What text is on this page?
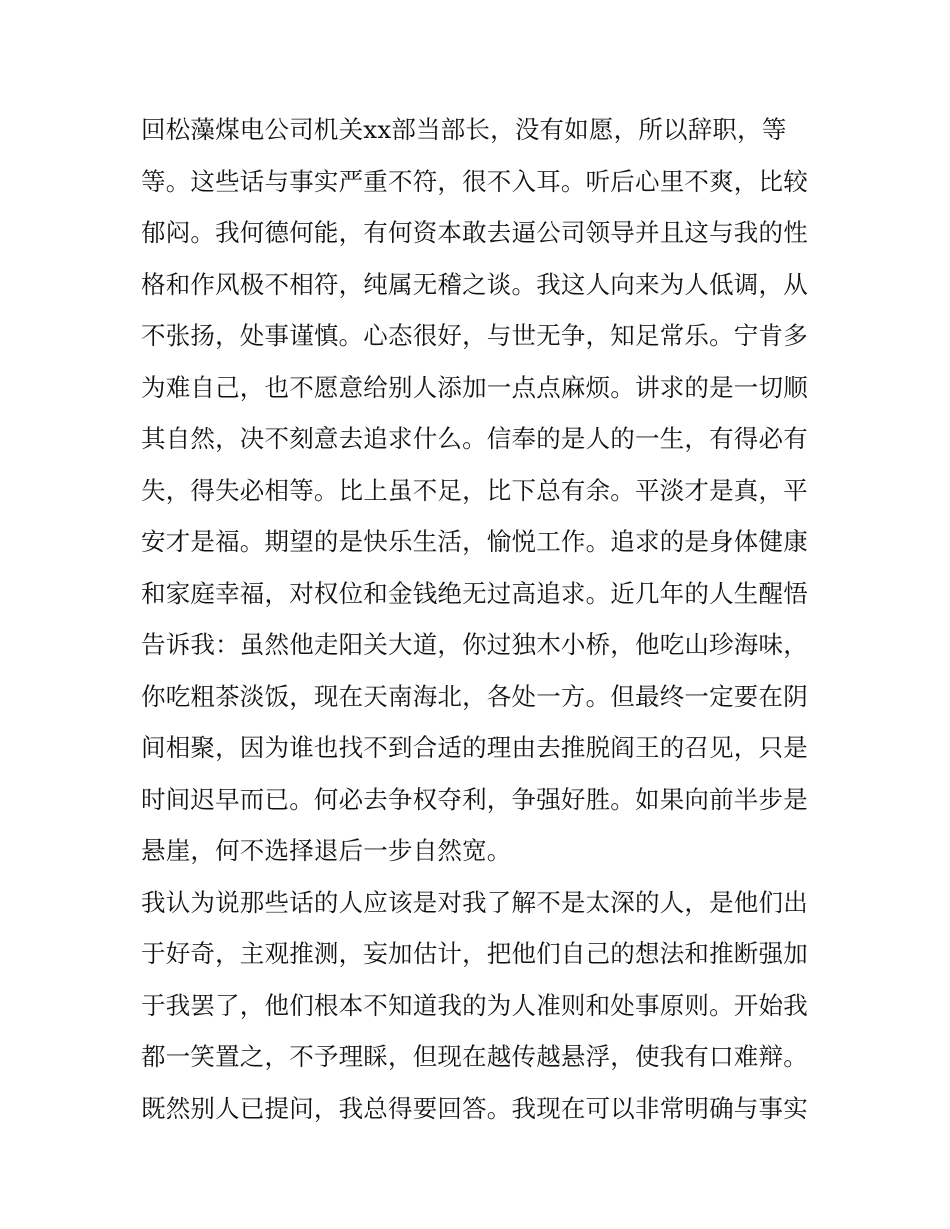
回松藻煤电公司机关xx部当部长，没有如愿，所以辞职，等
等。这些话与事实严重不符，很不入耳。听后心里不爽，比较
郁闷。我何德何能，有何资本敢去逼公司领导并且这与我的性
格和作风极不相符，纯属无稽之谈。我这人向来为人低调，从
不张扬，处事谨慎。心态很好，与世无争，知足常乐。宁肯多
为难自己，也不愿意给别人添加一点点麻烦。讲求的是一切顺
其自然，决不刻意去追求什么。信奉的是人的一生，有得必有
失，得失必相等。比上虽不足，比下总有余。平淡才是真，平
安才是福。期望的是快乐生活，愉悦工作。追求的是身体健康
和家庭幸福，对权位和金钱绝无过高追求。近几年的人生醒悟
告诉我：虽然他走阳关大道，你过独木小桥，他吃山珍海味，
你吃粗茶淡饭，现在天南海北，各处一方。但最终一定要在阴
间相聚，因为谁也找不到合适的理由去推脱阎王的召见，只是
时间迟早而已。何必去争权夺利，争强好胜。如果向前半步是
悬崖，何不选择退后一步自然宽。
我认为说那些话的人应该是对我了解不是太深的人，是他们出
于好奇，主观推测，妄加估计，把他们自己的想法和推断强加
于我罢了，他们根本不知道我的为人准则和处事原则。开始我
都一笑置之，不予理睬，但现在越传越悬浮，使我有口难辩。
既然别人已提问，我总得要回答。我现在可以非常明确与事实
